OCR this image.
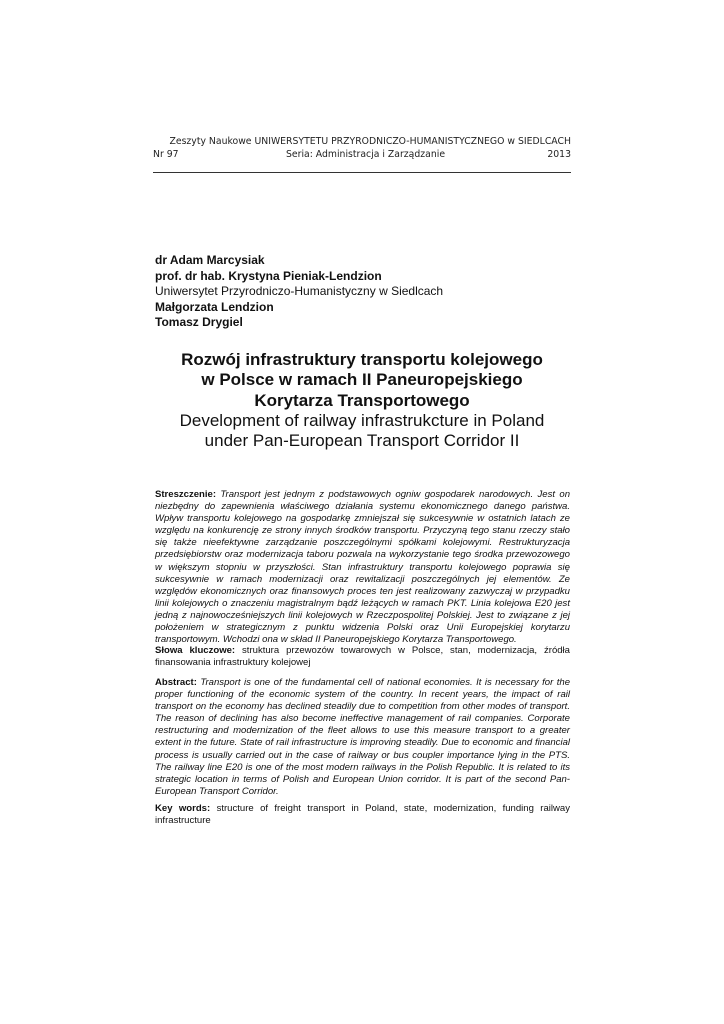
Zeszyty Naukowe UNIWERSYTETU PRZYRODNICZO-HUMANISTYCZNEGO w SIEDLCACH
Nr 97	Seria: Administracja i Zarządzanie	2013
dr Adam Marcysiak
prof. dr hab. Krystyna Pieniak-Lendzion
Uniwersytet Przyrodniczo-Humanistyczny w Siedlcach
Małgorzata Lendzion
Tomasz Drygiel
Rozwój infrastruktury transportu kolejowego
w Polsce w ramach II Paneuropejskiego
Korytarza Transportowego
Development of railway infrastrukcture in Poland
under Pan-European Transport Corridor II
Streszczenie: Transport jest jednym z podstawowych ogniw gospodarek narodowych. Jest on niezbędny do zapewnienia właściwego działania systemu ekonomicznego danego państwa. Wpływ transportu kolejowego na gospodarkę zmniejszał się sukcesywnie w ostatnich latach ze względu na konkurencję ze strony innych środków transportu. Przyczyną tego stanu rzeczy stało się także nieefektywne zarządzanie poszczególnymi spółkami kolejowymi. Restrukturyzacja przedsiębiorstw oraz modernizacja taboru pozwala na wykorzystanie tego środka przewozowego w większym stopniu w przyszłości. Stan infrastruktury transportu kolejowego poprawia się sukcesywnie w ramach modernizacji oraz rewitalizacji poszczególnych jej elementów. Ze względów ekonomicznych oraz finansowych proces ten jest realizowany zazwyczaj w przypadku linii kolejowych o znaczeniu magistralnym bądź leżących w ramach PKT. Linia kolejowa E20 jest jedną z najnowocześniejszych linii kolejowych w Rzeczpospolitej Polskiej. Jest to związane z jej położeniem w strategicznym z punktu widzenia Polski oraz Unii Europejskiej korytarzu transportowym. Wchodzi ona w skład II Paneuropejskiego Korytarza Transportowego.
Słowa kluczowe: struktura przewozów towarowych w Polsce, stan, modernizacja, źródła finansowania infrastruktury kolejowej
Abstract: Transport is one of the fundamental cell of national economies. It is necessary for the proper functioning of the economic system of the country. In recent years, the impact of rail transport on the economy has declined steadily due to competition from other modes of transport. The reason of declining has also become ineffective management of rail companies. Corporate restructuring and modernization of the fleet allows to use this measure transport to a greater extent in the future. State of rail infrastructure is improving steadily. Due to economic and financial process is usually carried out in the case of railway or bus coupler importance lying in the PTS. The railway line E20 is one of the most modern railways in the Polish Republic. It is related to its strategic location in terms of Polish and European Union corridor. It is part of the second Pan-European Transport Corridor.
Key words: structure of freight transport in Poland, state, modernization, funding railway infrastructure
